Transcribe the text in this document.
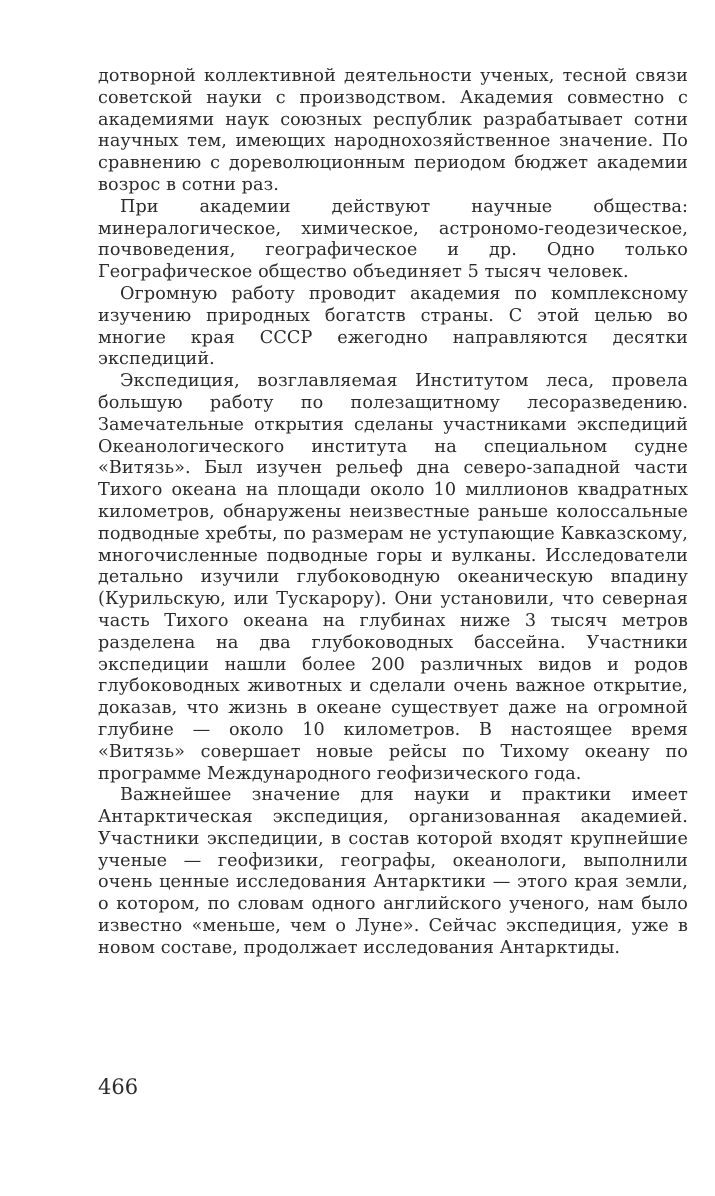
дотворной коллективной деятельности ученых, тесной связи советской науки с производством. Академия совместно с академиями наук союзных республик разрабатывает сотни научных тем, имеющих народнохозяйственное значение. По сравнению с дореволюционным периодом бюджет академии возрос в сотни раз.

При академии действуют научные общества: минералогическое, химическое, астрономо-геодезическое, почвоведения, географическое и др. Одно только Географическое общество объединяет 5 тысяч человек.

Огромную работу проводит академия по комплексному изучению природных богатств страны. С этой целью во многие края СССР ежегодно направляются десятки экспедиций.

Экспедиция, возглавляемая Институтом леса, провела большую работу по полезащитному лесоразведению. Замечательные открытия сделаны участниками экспедиций Океанологического института на специальном судне «Витязь». Был изучен рельеф дна северо-западной части Тихого океана на площади около 10 миллионов квадратных километров, обнаружены неизвестные раньше колоссальные подводные хребты, по размерам не уступающие Кавказскому, многочисленные подводные горы и вулканы. Исследователи детально изучили глубоководную океаническую впадину (Курильскую, или Тускарору). Они установили, что северная часть Тихого океана на глубинах ниже 3 тысяч метров разделена на два глубоководных бассейна. Участники экспедиции нашли более 200 различных видов и родов глубоководных животных и сделали очень важное открытие, доказав, что жизнь в океане существует даже на огромной глубине — около 10 километров. В настоящее время «Витязь» совершает новые рейсы по Тихому океану по программе Международного геофизического года.

Важнейшее значение для науки и практики имеет Антарктическая экспедиция, организованная академией. Участники экспедиции, в состав которой входят крупнейшие ученые — геофизики, географы, океанологи, выполнили очень ценные исследования Антарктики — этого края земли, о котором, по словам одного английского ученого, нам было известно «меньше, чем о Луне». Сейчас экспедиция, уже в новом составе, продолжает исследования Антарктиды.

466
